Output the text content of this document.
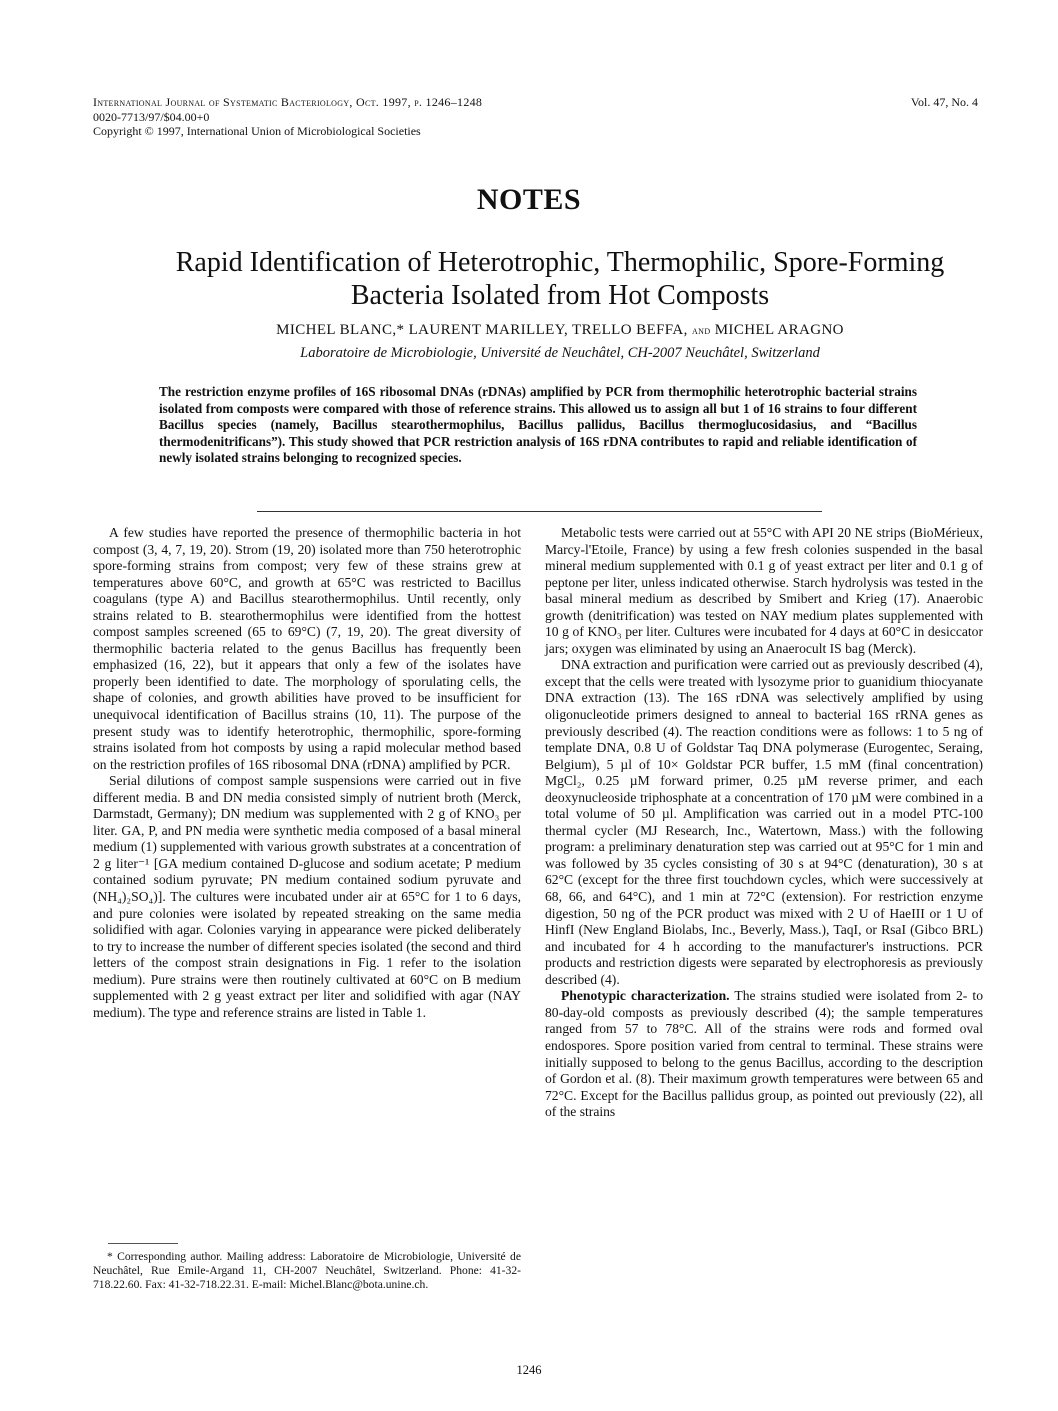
International Journal of Systematic Bacteriology, Oct. 1997, p. 1246–1248
0020-7713/97/$04.00+0
Copyright © 1997, International Union of Microbiological Societies
Vol. 47, No. 4
NOTES
Rapid Identification of Heterotrophic, Thermophilic, Spore-Forming
Bacteria Isolated from Hot Composts
MICHEL BLANC,* LAURENT MARILLEY, TRELLO BEFFA, and MICHEL ARAGNO
Laboratoire de Microbiologie, Université de Neuchâtel, CH-2007 Neuchâtel, Switzerland
The restriction enzyme profiles of 16S ribosomal DNAs (rDNAs) amplified by PCR from thermophilic heterotrophic bacterial strains isolated from composts were compared with those of reference strains. This allowed us to assign all but 1 of 16 strains to four different Bacillus species (namely, Bacillus stearothermophilus, Bacillus pallidus, Bacillus thermoglucosidasius, and “Bacillus thermodenitrificans”). This study showed that PCR restriction analysis of 16S rDNA contributes to rapid and reliable identification of newly isolated strains belonging to recognized species.

A few studies have reported the presence of thermophilic bacteria in hot compost (3, 4, 7, 19, 20). Strom (19, 20) isolated more than 750 heterotrophic spore-forming strains from compost; very few of these strains grew at temperatures above 60°C, and growth at 65°C was restricted to Bacillus coagulans (type A) and Bacillus stearothermophilus. Until recently, only strains related to B. stearothermophilus were identified from the hottest compost samples screened (65 to 69°C) (7, 19, 20). The great diversity of thermophilic bacteria related to the genus Bacillus has frequently been emphasized (16, 22), but it appears that only a few of the isolates have properly been identified to date. The morphology of sporulating cells, the shape of colonies, and growth abilities have proved to be insufficient for unequivocal identification of Bacillus strains (10, 11). The purpose of the present study was to identify heterotrophic, thermophilic, spore-forming strains isolated from hot composts by using a rapid molecular method based on the restriction profiles of 16S ribosomal DNA (rDNA) amplified by PCR.

Serial dilutions of compost sample suspensions were carried out in five different media. B and DN media consisted simply of nutrient broth (Merck, Darmstadt, Germany); DN medium was supplemented with 2 g of KNO₃ per liter. GA, P, and PN media were synthetic media composed of a basal mineral medium (1) supplemented with various growth substrates at a concentration of 2 g liter⁻¹ [GA medium contained D-glucose and sodium acetate; P medium contained sodium pyruvate; PN medium contained sodium pyruvate and (NH₄)₂SO₄)]. The cultures were incubated under air at 65°C for 1 to 6 days, and pure colonies were isolated by repeated streaking on the same media solidified with agar. Colonies varying in appearance were picked deliberately to try to increase the number of different species isolated (the second and third letters of the compost strain designations in Fig. 1 refer to the isolation medium). Pure strains were then routinely cultivated at 60°C on B medium supplemented with 2 g yeast extract per liter and solidified with agar (NAY medium). The type and reference strains are listed in Table 1.

* Corresponding author. Mailing address: Laboratoire de Microbiologie, Université de Neuchâtel, Rue Emile-Argand 11, CH-2007 Neuchâtel, Switzerland. Phone: 41-32-718.22.60. Fax: 41-32-718.22.31. E-mail: Michel.Blanc@bota.unine.ch.

Metabolic tests were carried out at 55°C with API 20 NE strips (BioMérieux, Marcy-l'Etoile, France) by using a few fresh colonies suspended in the basal mineral medium supplemented with 0.1 g of yeast extract per liter and 0.1 g of peptone per liter, unless indicated otherwise. Starch hydrolysis was tested in the basal mineral medium as described by Smibert and Krieg (17). Anaerobic growth (denitrification) was tested on NAY medium plates supplemented with 10 g of KNO₃ per liter. Cultures were incubated for 4 days at 60°C in desiccator jars; oxygen was eliminated by using an Anaerocult IS bag (Merck).

DNA extraction and purification were carried out as previously described (4), except that the cells were treated with lysozyme prior to guanidium thiocyanate DNA extraction (13). The 16S rDNA was selectively amplified by using oligonucleotide primers designed to anneal to bacterial 16S rRNA genes as previously described (4). The reaction conditions were as follows: 1 to 5 ng of template DNA, 0.8 U of Goldstar Taq DNA polymerase (Eurogentec, Seraing, Belgium), 5 µl of 10× Goldstar PCR buffer, 1.5 mM (final concentration) MgCl₂, 0.25 µM forward primer, 0.25 µM reverse primer, and each deoxynucleoside triphosphate at a concentration of 170 µM were combined in a total volume of 50 µl. Amplification was carried out in a model PTC-100 thermal cycler (MJ Research, Inc., Watertown, Mass.) with the following program: a preliminary denaturation step was carried out at 95°C for 1 min and was followed by 35 cycles consisting of 30 s at 94°C (denaturation), 30 s at 62°C (except for the three first touchdown cycles, which were successively at 68, 66, and 64°C), and 1 min at 72°C (extension). For restriction enzyme digestion, 50 ng of the PCR product was mixed with 2 U of HaeIII or 1 U of HinfI (New England Biolabs, Inc., Beverly, Mass.), TaqI, or RsaI (Gibco BRL) and incubated for 4 h according to the manufacturer's instructions. PCR products and restriction digests were separated by electrophoresis as previously described (4).

Phenotypic characterization. The strains studied were isolated from 2- to 80-day-old composts as previously described (4); the sample temperatures ranged from 57 to 78°C. All of the strains were rods and formed oval endospores. Spore position varied from central to terminal. These strains were initially supposed to belong to the genus Bacillus, according to the description of Gordon et al. (8). Their maximum growth temperatures were between 65 and 72°C. Except for the Bacillus pallidus group, as pointed out previously (22), all of the strains

1246
